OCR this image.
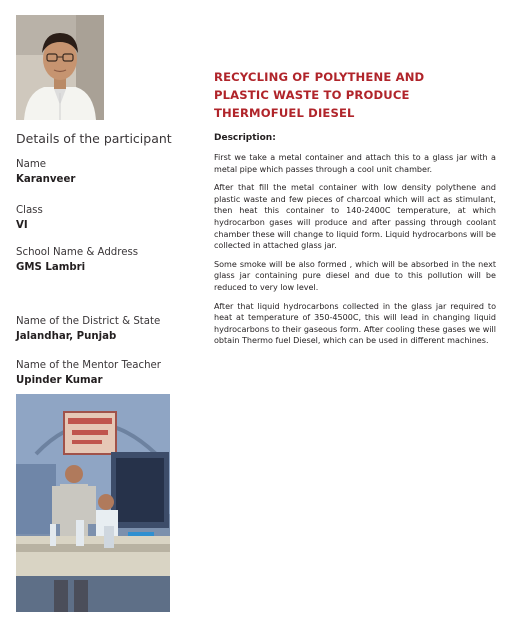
RECYCLING OF POLYTHENE AND PLASTIC WASTE TO PRODUCE THERMOFUEL DIESEL
Details of the participant
Name
Karanveer
Class
VI
School Name & Address
GMS Lambri
Name of the District & State
Jalandhar, Punjab
Name of the Mentor Teacher
Upinder Kumar
Description:

First we take a metal container and attach this to a glass jar with a metal pipe which passes through a cool unit chamber.

After that fill the metal container with low density polythene and plastic waste and few pieces of charcoal which will act as stimulant, then heat this container to 140-2400C temperature, at which hydrocarbon gases will produce and after passing through coolant chamber these will change to liquid form. Liquid hydrocarbons will be collected in attached glass jar.

Some smoke will be also formed , which will be absorbed in the next glass jar containing pure diesel and due to this pollution will be reduced to very low level.

After that liquid hydrocarbons collected in the glass jar required to heat at temperature of 350-4500C, this will lead in changing liquid hydrocarbons to their gaseous form. After cooling these gases we will obtain Thermo fuel Diesel, which can be used in different machines.
